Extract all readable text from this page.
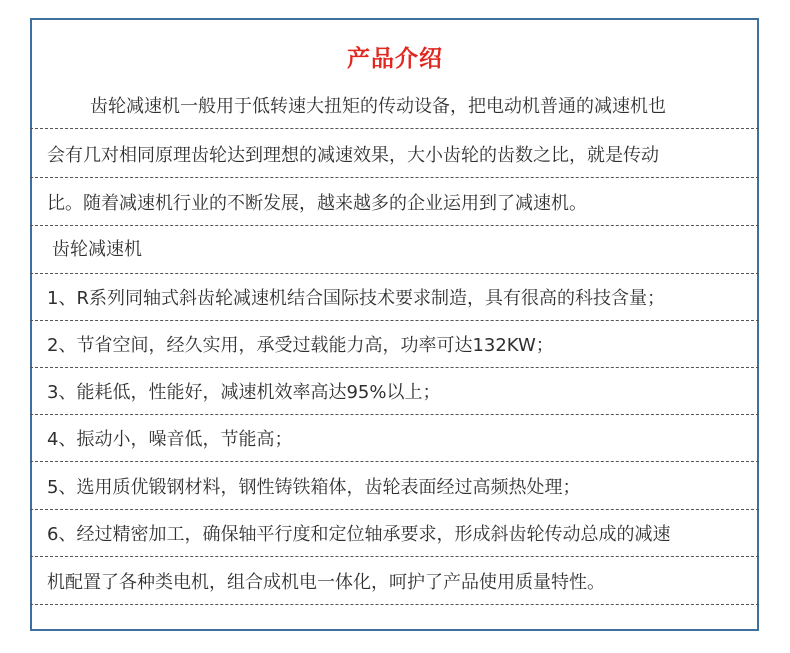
产品介绍
齿轮减速机一般用于低转速大扭矩的传动设备，把电动机普通的减速机也
会有几对相同原理齿轮达到理想的减速效果，大小齿轮的齿数之比，就是传动
比。随着减速机行业的不断发展，越来越多的企业运用到了减速机。
齿轮减速机
1、R系列同轴式斜齿轮减速机结合国际技术要求制造，具有很高的科技含量；
2、节省空间，经久实用，承受过载能力高，功率可达132KW；
3、能耗低，性能好，减速机效率高达95%以上；
4、振动小，噪音低，节能高；
5、选用质优锻钢材料，钢性铸铁箱体，齿轮表面经过高频热处理；
6、经过精密加工，确保轴平行度和定位轴承要求，形成斜齿轮传动总成的减速
机配置了各种类电机，组合成机电一体化，呵护了产品使用质量特性。
